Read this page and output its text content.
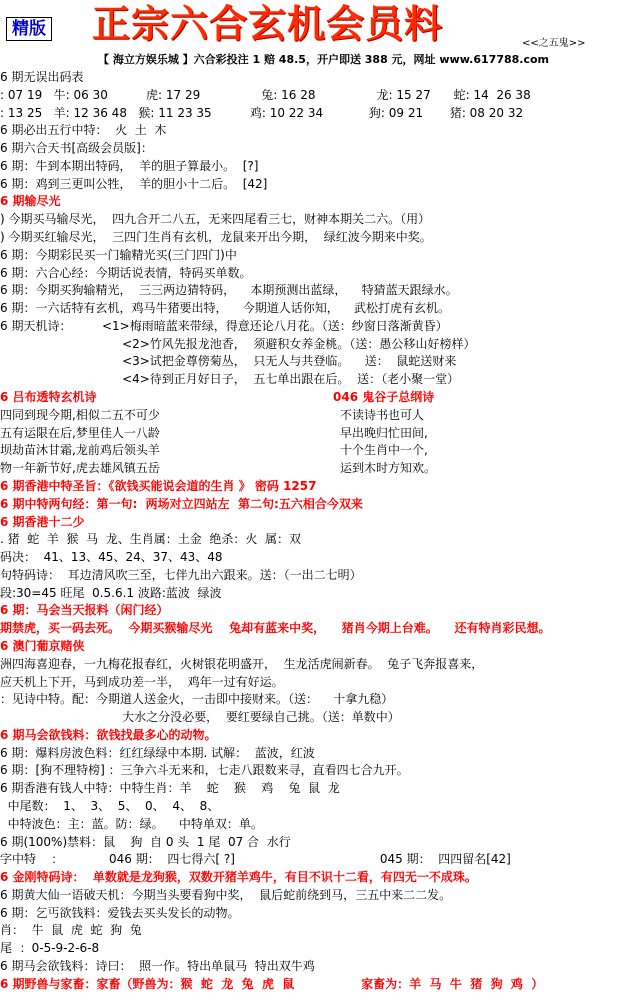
精版 正宗六合玄机会员料	<<之五鬼>>
【 海立方娱乐城 】六合彩投注 1 赔 48.5，开户即送 388 元，网址 www.617788.com
6 期无误出码表
: 07 19   牛: 06 30          虎: 17 29                兔: 16 28                龙: 15 27      蛇: 14  26 38
: 13 25   羊: 12 36 48   猴: 11 23 35          鸡: 10 22 34            狗: 09 21       猪: 08 20 32
6 期必出五行中特：  火  土  木
6 期六合天书[高级会员版]：
6 期：牛到本期出特码，  羊的胆子算最小。  [?]
6 期：鸡到三更叫公牲，  羊的胆小十二后。  [42]
6 期输尽光
) 今期买马输尽光，  四九合开二八五，无来四尾看三七，财神本期关二六。（用）
) 今期买红输尽光，  三四门生肖有玄机，龙鼠来开出今期，  绿红波今期来中奖。
6 期：今期彩民买一门输精光买(三门四门)中
6 期：六合心经：今期话说表情，特码买单数。
6 期：今期买狗输精光，  三三两边猜特码，    本期预测出蓝绿，    特猜蓝天跟绿水。
6 期：一六话特有玄机，鸡马牛猪要出特，    今期道人话你知，    武松打虎有玄机。
6 期天机诗：        <1>梅雨暗蓝来带绿，得意还论八月花。（送：纱窗日落渐黄昏）
<2>竹风先报龙池香，  须避积女养金桃。（送：愚公移山好榜样）
<3>试把金尊傍菊丛，  只无人与共登临。    送：  鼠蛇送财来
<4>待到正月好日子，  五七单出跟在后。  送：（老小聚一堂）
6 吕布透特玄机诗
四同到现今期,相似二五不可少
五有运限在后,梦里佳人一八龄
坝劫苗沐甘霜,龙前鸡后领头羊
物一年新节好,虎去雄风镇五岳
6 期香港中特圣旨：《欲钱买能说会道的生肖 》 密码 1257
6 期中特两句经：第一句:  两场对立四站左  第二句:五六相合今双来
6 期香港十二少
. 猪  蛇  羊  猴  马  龙、生肖属：土金  绝杀：火  属：双
码决：  41、13、45、24、37、43、48
句特码诗：  耳边清风吹三至，七伴九出六跟来。送：（一出二七明）
段:30=45 旺尾  0.5.6.1 波路:蓝波  绿波
6 期：马会当天报料（闲门经）
期禁虎，买一码去死。  今期买猴输尽光    兔却有蓝来中奖，    猪肖今期上台难。    还有特肖彩民想。
6 澳门葡京赌侠
洲四海喜迎春，一九梅花报春红，火树银花明盛开，  生龙活虎闹新春。  兔子飞奔报喜来，
应天机上下开，马到成功差一半，  鸡年一过有好运。
：见诗中特。配：今期道人送金火，一击即中接财来。（送：    十拿九稳）
大水之分没必要，  要红要绿自己挑。（送：单数中）
6 期马会欲钱料：欲钱找最多心的动物。
6 期：爆料房波色料：红红绿绿中本期. 试解：  蓝波，红波
6 期：[狗不理特榜] ：三争六斗无来和，七走八跟数来寻，直看四七合九开。
6 期香港有钱人中特：中特生肖：羊    蛇    猴    鸡    兔  鼠  龙
中尾数：  1、  3、  5、  0、  4、  8、
中特波色：主：蓝。防：绿。    中特单双：单。
6 期(100%)禁料：鼠    狗  自 0 头  1 尾  07 合  水行
字中特    ：            046 期：  四七得六[ ?]                                      045 期：  四四留名[42]
6 金刚特码诗：  单数就是龙狗猴，双数开猪羊鸡牛，有目不识十二看，有四无一不成珠。
6 期黄大仙一语破天机：今期当头要看狗中奖，  鼠后蛇前绕到马，三五中来二二发。
6 期：乞丐欲钱料：爱钱去买头发长的动物。
肖：  牛  鼠  虎  蛇  狗  兔
尾  ：0-5-9-2-6-8
6 期马会欲钱料：诗曰：  照一作。特出单鼠马  特出双牛鸡
6 期野兽与家畜：家畜（野兽为：猴  蛇  龙  兔  虎  鼠                家畜为：羊  马  牛  猪  狗  鸡  ）
046 鬼谷子总纲诗
不读诗书也可人
早出晚归忙田间,
十个生肖中一个,
运到木时方知欢。
